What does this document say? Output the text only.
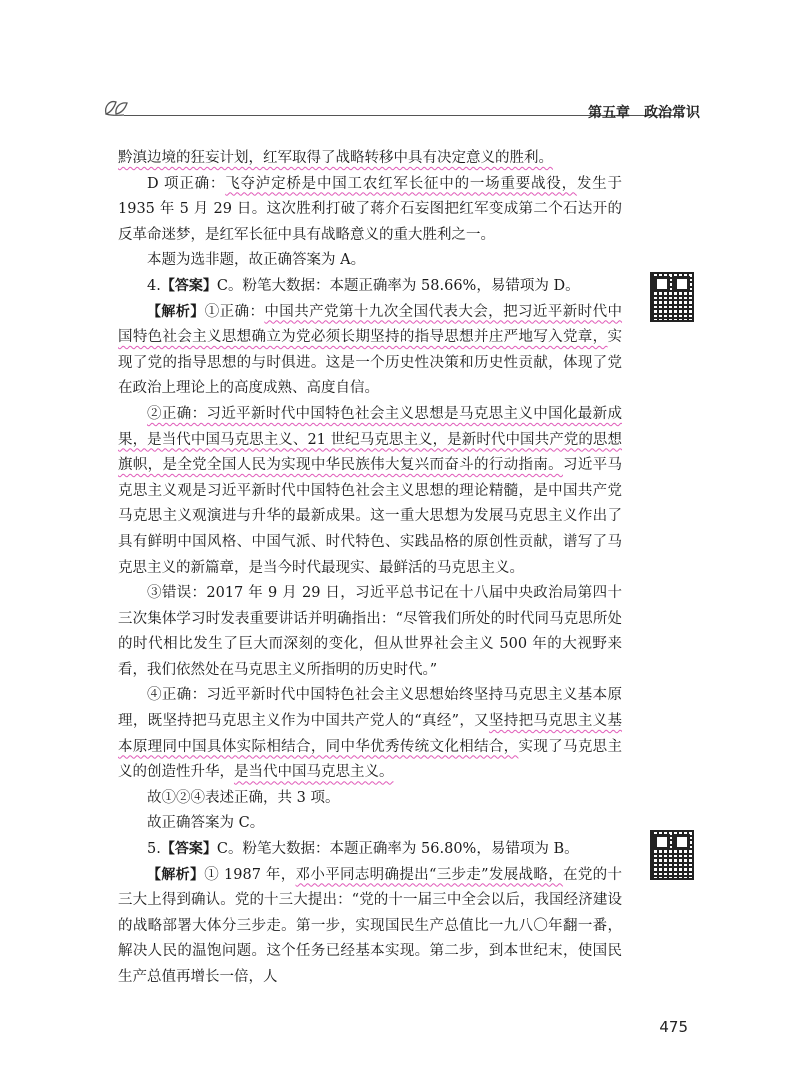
第五章 政治常识

黔滇边境的狂妄计划，红军取得了战略转移中具有决定意义的胜利。

D 项正确：飞夺泸定桥是中国工农红军长征中的一场重要战役，发生于 1935 年 5 月 29 日。这次胜利打破了蒋介石妄图把红军变成第二个石达开的反革命迷梦，是红军长征中具有战略意义的重大胜利之一。

本题为选非题，故正确答案为 A。

4.【答案】C。粉笔大数据：本题正确率为 58.66%，易错项为 D。

【解析】①正确：中国共产党第十九次全国代表大会，把习近平新时代中国特色社会主义思想确立为党必须长期坚持的指导思想并庄严地写入党章，实现了党的指导思想的与时俱进。这是一个历史性决策和历史性贡献，体现了党在政治上理论上的高度成熟、高度自信。

②正确：习近平新时代中国特色社会主义思想是马克思主义中国化最新成果，是当代中国马克思主义、21 世纪马克思主义，是新时代中国共产党的思想旗帜，是全党全国人民为实现中华民族伟大复兴而奋斗的行动指南。习近平马克思主义观是习近平新时代中国特色社会主义思想的理论精髓，是中国共产党马克思主义观演进与升华的最新成果。这一重大思想为发展马克思主义作出了具有鲜明中国风格、中国气派、时代特色、实践品格的原创性贡献，谱写了马克思主义的新篇章，是当今时代最现实、最鲜活的马克思主义。

③错误：2017 年 9 月 29 日，习近平总书记在十八届中央政治局第四十三次集体学习时发表重要讲话并明确指出：“尽管我们所处的时代同马克思所处的时代相比发生了巨大而深刻的变化，但从世界社会主义 500 年的大视野来看，我们依然处在马克思主义所指明的历史时代。”

④正确：习近平新时代中国特色社会主义思想始终坚持马克思主义基本原理，既坚持把马克思主义作为中国共产党人的“真经”，又坚持把马克思主义基本原理同中国具体实际相结合，同中华优秀传统文化相结合，实现了马克思主义的创造性升华，是当代中国马克思主义。

故①②④表述正确，共 3 项。

故正确答案为 C。

5.【答案】C。粉笔大数据：本题正确率为 56.80%，易错项为 B。

【解析】① 1987 年，邓小平同志明确提出“三步走”发展战略，在党的十三大上得到确认。党的十三大提出：“党的十一届三中全会以后，我国经济建设的战略部署大体分三步走。第一步，实现国民生产总值比一九八〇年翻一番，解决人民的温饱问题。这个任务已经基本实现。第二步，到本世纪末，使国民生产总值再增长一倍，人

475
